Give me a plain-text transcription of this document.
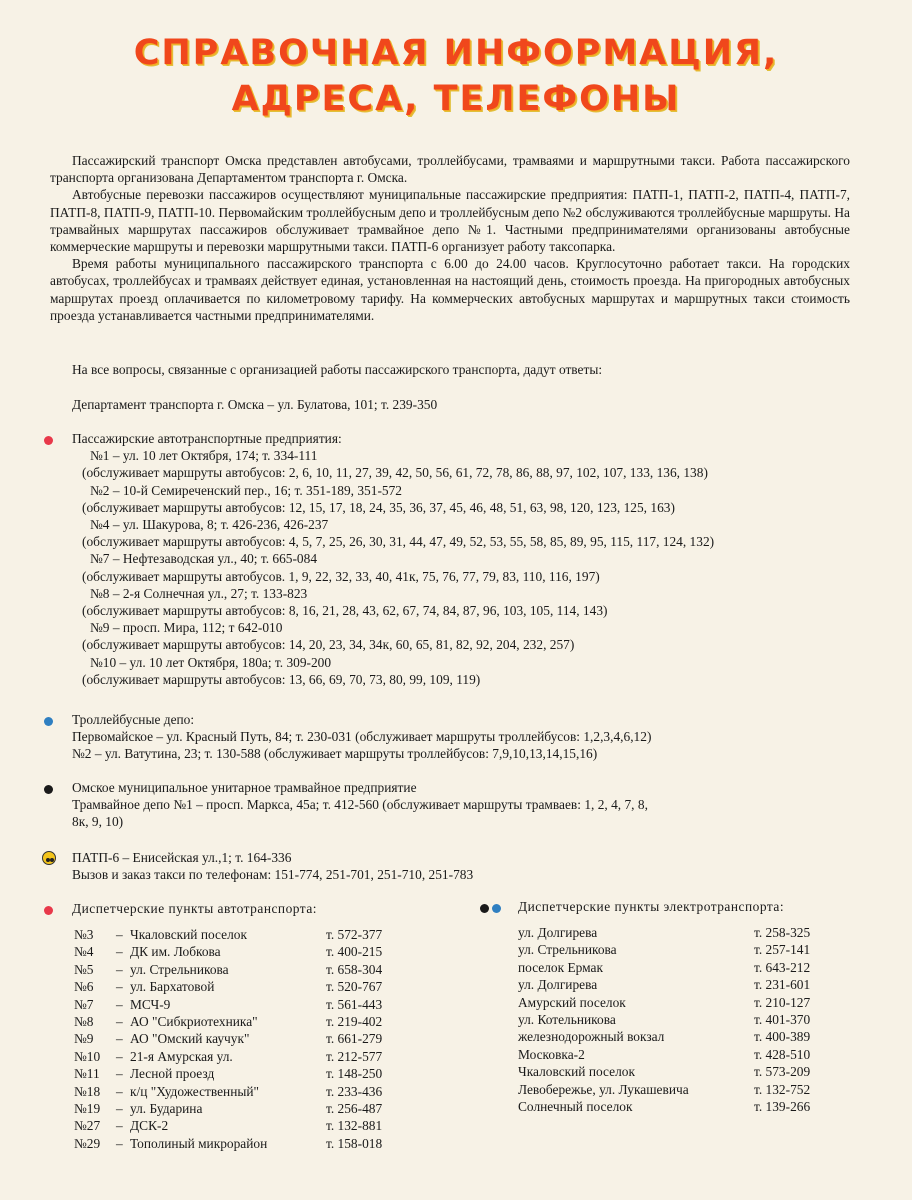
СПРАВОЧНАЯ ИНФОРМАЦИЯ,
АДРЕСА, ТЕЛЕФОНЫ

Пассажирский транспорт Омска представлен автобусами, троллейбусами, трамваями и маршрутными такси. Работа пассажирского транспорта организована Департаментом транспорта г. Омска.

Автобусные перевозки пассажиров осуществляют муниципальные пассажирские предприятия: ПАТП-1, ПАТП-2, ПАТП-4, ПАТП-7, ПАТП-8, ПАТП-9, ПАТП-10. Первомайским троллейбусным депо и троллейбусным депо №2 обслуживаются троллейбусные маршруты. На трамвайных маршрутах пассажиров обслуживает трамвайное депо №1. Частными предпринимателями организованы автобусные коммерческие маршруты и перевозки маршрутными такси. ПАТП-6 организует работу таксопарка.

Время работы муниципального пассажирского транспорта с 6.00 до 24.00 часов. Круглосуточно работает такси. На городских автобусах, троллейбусах и трамваях действует единая, установленная на настоящий день, стоимость проезда. На пригородных автобусных маршрутах проезд оплачивается по километровому тарифу. На коммерческих автобусных маршрутах и маршрутных такси стоимость проезда устанавливается частными предпринимателями.

На все вопросы, связанные с организацией работы пассажирского транспорта, дадут ответы:
Департамент транспорта г. Омска – ул. Булатова, 101; т. 239-350
Пассажирские автотранспортные предприятия:
№1 – ул. 10 лет Октября, 174; т. 334-111
(обслуживает маршруты автобусов: 2, 6, 10, 11, 27, 39, 42, 50, 56, 61, 72, 78, 86, 88, 97, 102, 107, 133, 136, 138)
№2 – 10-й Семиреченский пер., 16; т. 351-189, 351-572
(обслуживает маршруты автобусов: 12, 15, 17, 18, 24, 35, 36, 37, 45, 46, 48, 51, 63, 98, 120, 123, 125, 163)
№4 – ул. Шакурова, 8; т. 426-236, 426-237
(обслуживает маршруты автобусов: 4, 5, 7, 25, 26, 30, 31, 44, 47, 49, 52, 53, 55, 58, 85, 89, 95, 115, 117, 124, 132)
№7 – Нефтезаводская ул., 40; т. 665-084
(обслуживает маршруты автобусов. 1, 9, 22, 32, 33, 40, 41к, 75, 76, 77, 79, 83, 110, 116, 197)
№8 – 2-я Солнечная ул., 27; т. 133-823
(обслуживает маршруты автобусов: 8, 16, 21, 28, 43, 62, 67, 74, 84, 87, 96, 103, 105, 114, 143)
№9 – просп. Мира, 112; т 642-010
(обслуживает маршруты автобусов: 14, 20, 23, 34, 34к, 60, 65, 81, 82, 92, 204, 232, 257)
№10 – ул. 10 лет Октября, 180а; т. 309-200
(обслуживает маршруты автобусов: 13, 66, 69, 70, 73, 80, 99, 109, 119)
Троллейбусные депо:
Первомайское – ул. Красный Путь, 84; т. 230-031 (обслуживает маршруты троллейбусов: 1,2,3,4,6,12)
№2 – ул. Ватутина, 23; т. 130-588 (обслуживает маршруты троллейбусов: 7,9,10,13,14,15,16)
Омское муниципальное унитарное трамвайное предприятие
Трамвайное депо №1 – просп. Маркса, 45а; т. 412-560 (обслуживает маршруты трамваев: 1, 2, 4, 7, 8,
8к, 9, 10)
ПАТП-6 – Енисейская ул.,1; т. 164-336
Вызов и заказ такси по телефонам: 151-774, 251-701, 251-710, 251-783
Диспетчерские пункты автотранспорта:
№3	–	Чкаловский поселок	т. 572-377
№4	–	ДК им. Лобкова	т. 400-215
№5	–	ул. Стрельникова	т. 658-304
№6	–	ул. Бархатовой	т. 520-767
№7	–	МСЧ-9	т. 561-443
№8	–	АО "Сибкриотехника"	т. 219-402
№9	–	АО "Омский каучук"	т. 661-279
№10	–	21-я Амурская ул.	т. 212-577
№11	–	Лесной проезд	т. 148-250
№18	–	к/ц "Художественный"	т. 233-436
№19	–	ул. Бударина	т. 256-487
№27	–	ДСК-2	т. 132-881
№29	–	Тополиный микрорайон	т. 158-018
Диспетчерские пункты электротранспорта:
ул. Долгирева	т. 258-325
ул. Стрельникова	т. 257-141
поселок Ермак	т. 643-212
ул. Долгирева	т. 231-601
Амурский поселок	т. 210-127
ул. Котельникова	т. 401-370
железнодорожный вокзал	т. 400-389
Московка-2	т. 428-510
Чкаловский поселок	т. 573-209
Левобережье, ул. Лукашевича	т. 132-752
Солнечный поселок	т. 139-266
